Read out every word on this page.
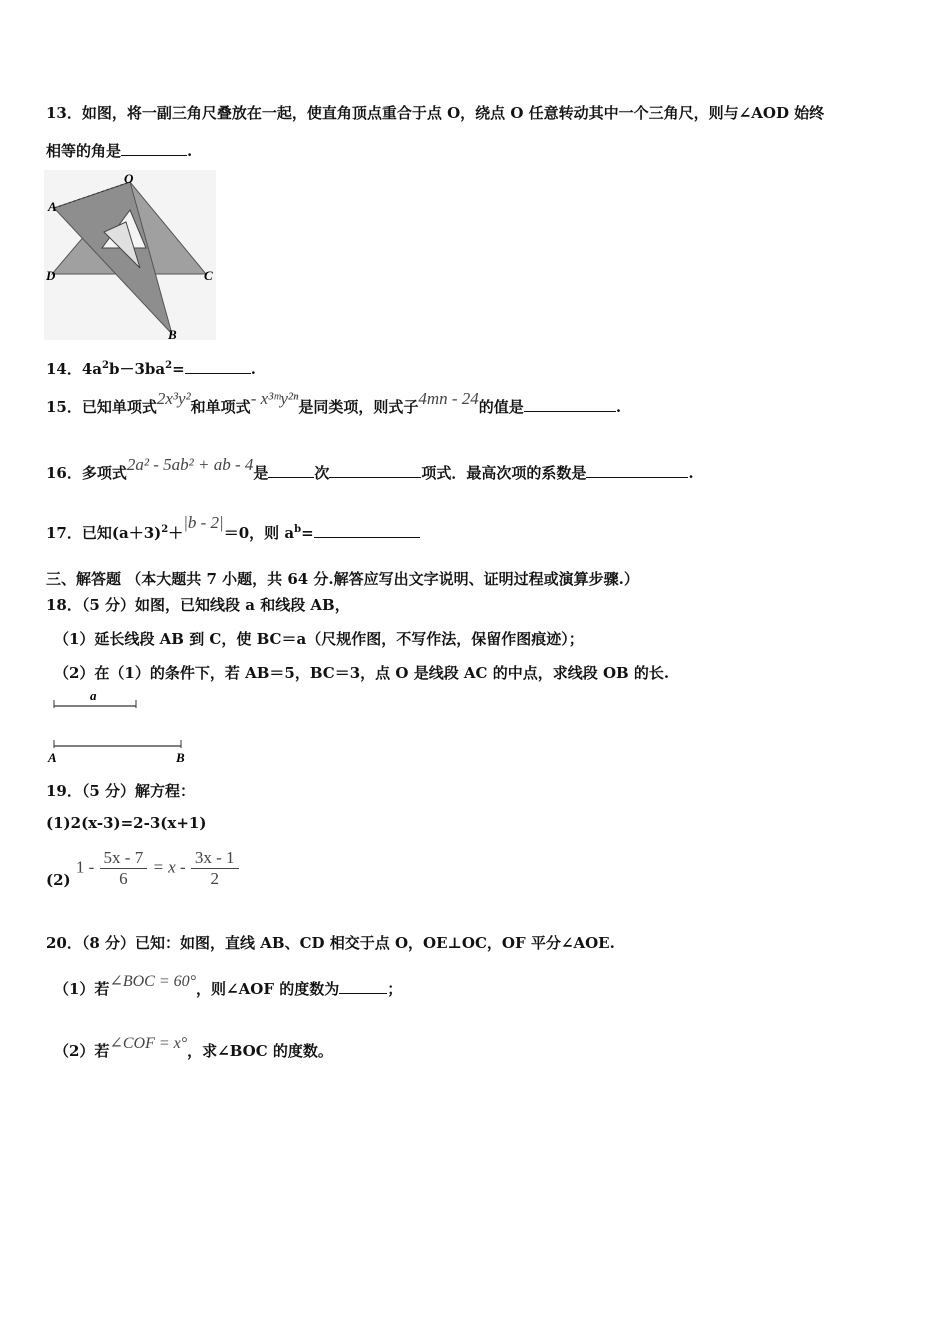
13．如图，将一副三角尺叠放在一起，使直角顶点重合于点 O，绕点 O 任意转动其中一个三角尺，则与∠AOD 始终
相等的角是	.
O
A
D	C
B
14．$4a^2b-3ba^2=$	.
15．已知单项式2x³y²和单项式- x³ᵐy²ⁿ是同类项，则式子4mn - 24的值是	.
16．多项式2a² - 5ab² + ab - 4是	次	项式．最高次项的系数是	.
17．已知$(a+3)^2+|b - 2|=0$，则 $a^b=$
三、解答题 （本大题共 7 小题，共 64 分.解答应写出文字说明、证明过程或演算步骤.）
18．（5 分）如图，已知线段 a 和线段 AB，
（1）延长线段 AB 到 C，使 BC＝a（尺规作图，不写作法，保留作图痕迹）；
（2）在（1）的条件下，若 AB＝5，BC＝3，点 O 是线段 AC 的中点，求线段 OB 的长.
a
A	B
19．（5 分）解方程：
(1)2(x-3)=2-3(x+1)
(2) $1 - \frac{5x - 7}{6} = x - \frac{3x - 1}{2}$
20．（8 分）已知：如图，直线 AB、CD 相交于点 O，OE⊥OC，OF 平分∠AOE.
（1）若∠BOC = 60°，则∠AOF 的度数为	；
（2）若∠COF = x°，求∠BOC 的度数。
